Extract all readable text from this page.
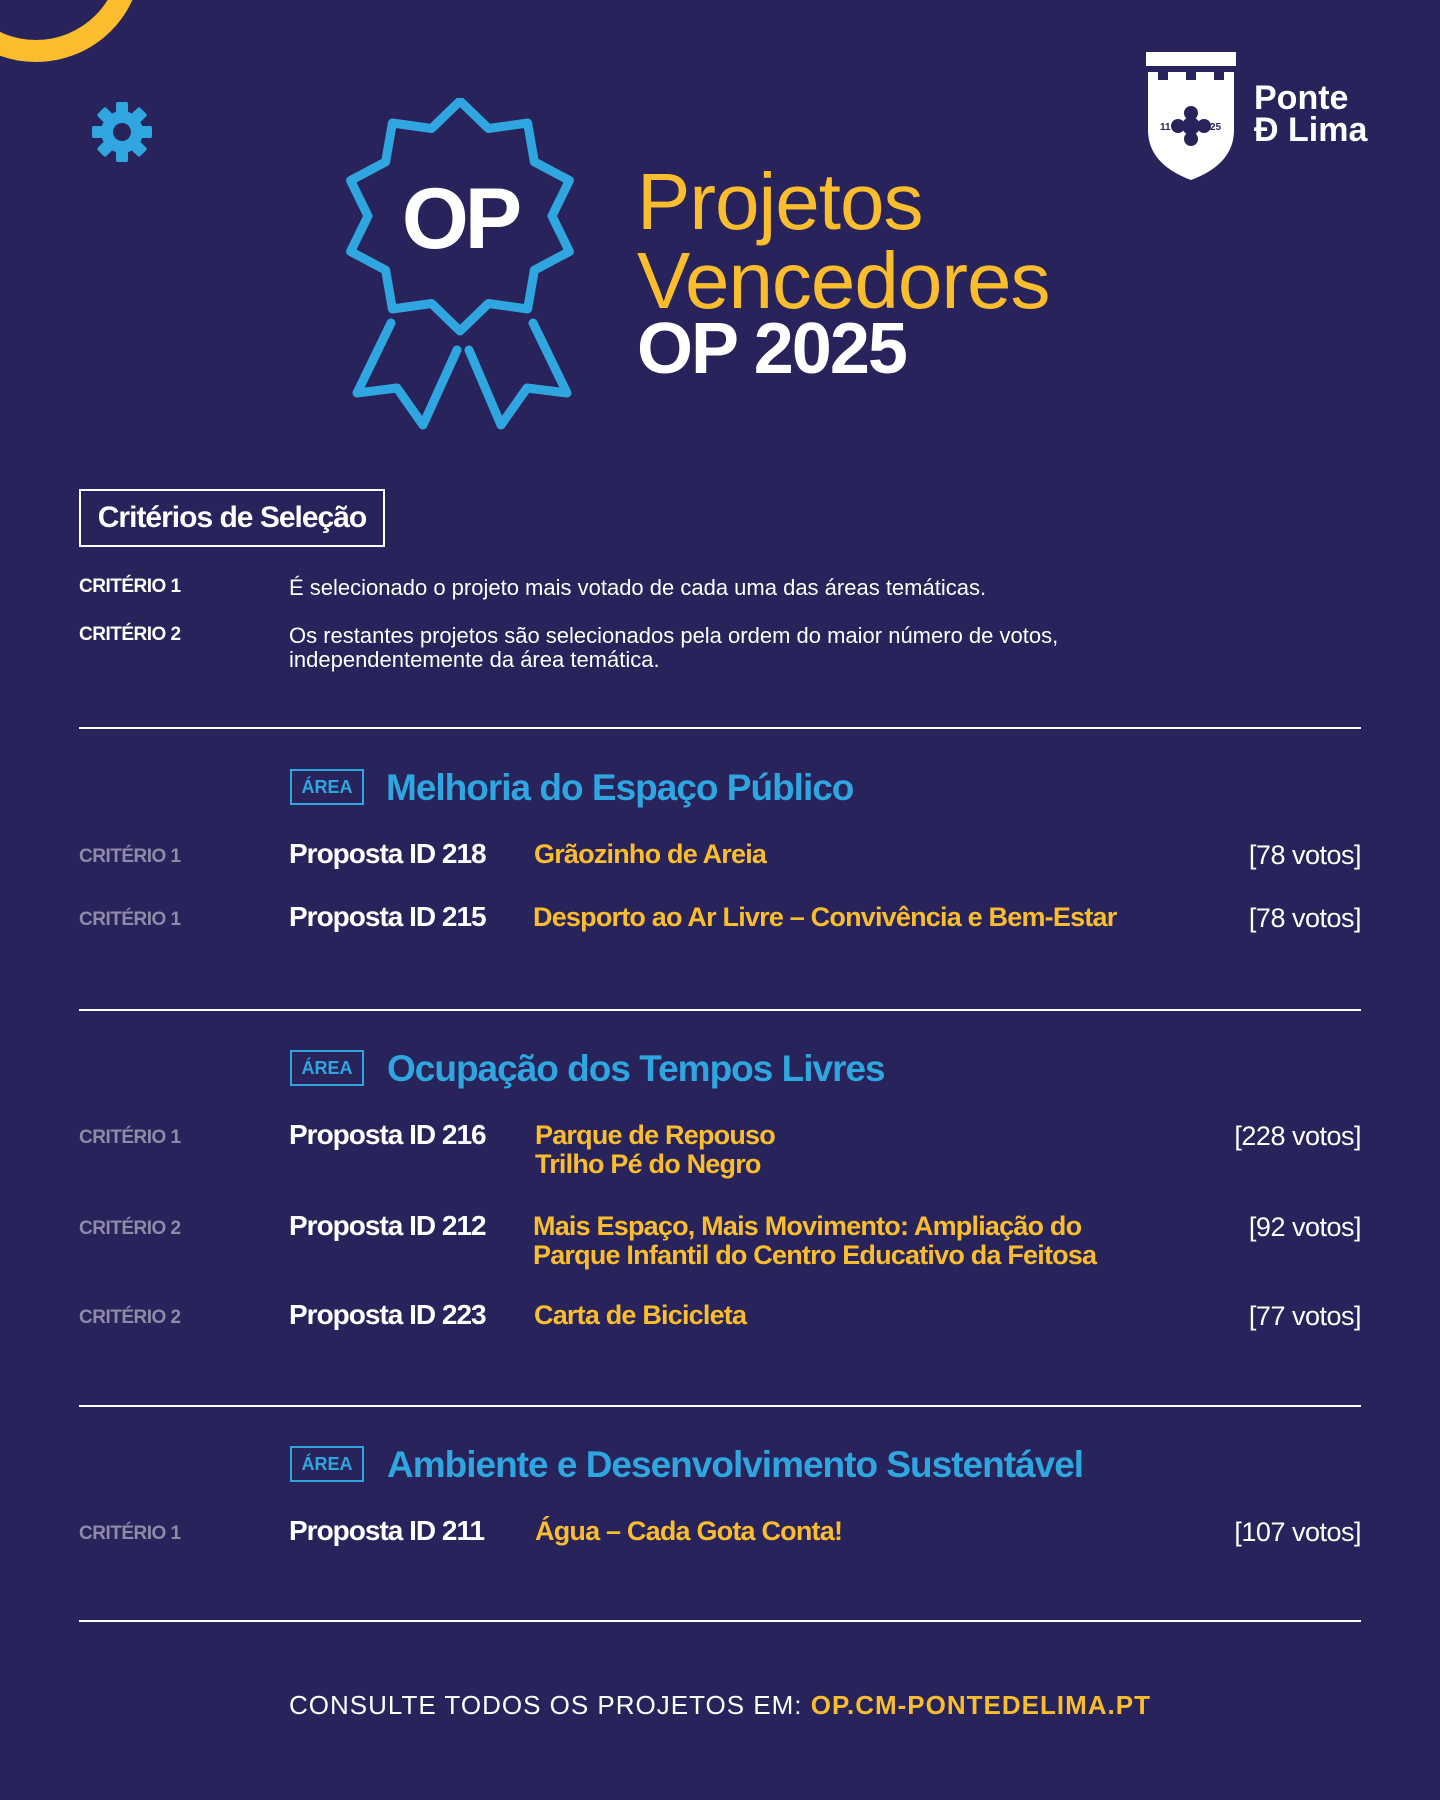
OP Projetos
Vencedores
OP 2025
11	25
Ponte
Đ Lima
Critérios de Seleção
CRITÉRIO 1	É selecionado o projeto mais votado de cada uma das áreas temáticas.
CRITÉRIO 2	Os restantes projetos são selecionados pela ordem do maior número de votos, independentemente da área temática.
ÁREA Melhoria do Espaço Público
CRITÉRIO 1	Proposta ID 218 Grãozinho de Areia	[78 votos]
CRITÉRIO 1	Proposta ID 215 Desporto ao Ar Livre – Convivência e Bem-Estar	[78 votos]
ÁREA Ocupação dos Tempos Livres
CRITÉRIO 1	Proposta ID 216 Parque de Repouso
Trilho Pé do Negro
[228 votos]
CRITÉRIO 2	Proposta ID 212 Mais Espaço, Mais Movimento: Ampliação do
Parque Infantil do Centro Educativo da Feitosa
[92 votos]
CRITÉRIO 2	Proposta ID 223 Carta de Bicicleta	[77 votos]
ÁREA Ambiente e Desenvolvimento Sustentável
CRITÉRIO 1	Proposta ID 211 Água – Cada Gota Conta!	[107 votos]
CONSULTE TODOS OS PROJETOS EM: OP.CM-PONTEDELIMA.PT
